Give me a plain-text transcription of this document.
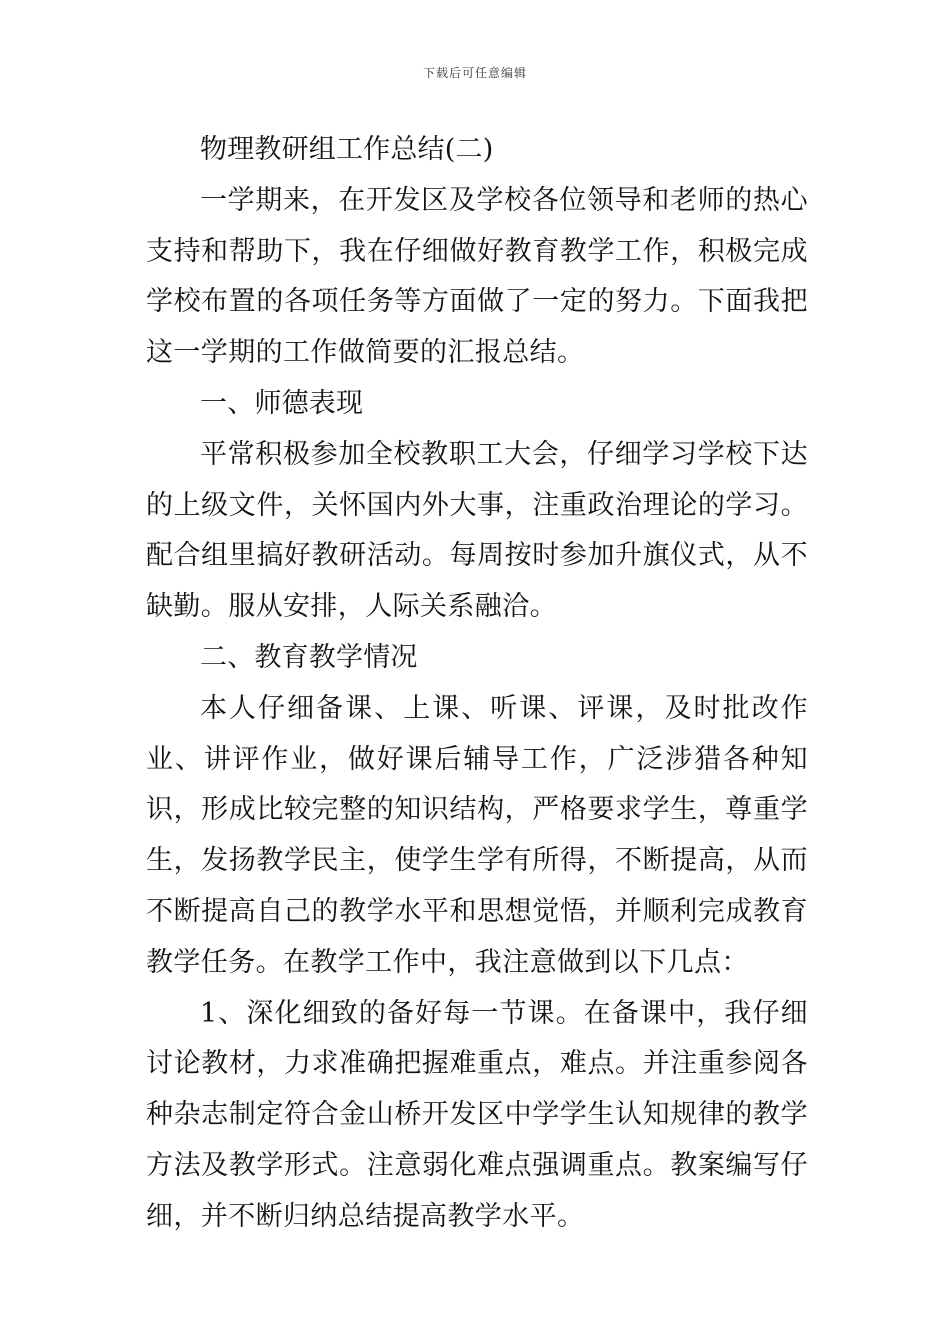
下载后可任意编辑

物理教研组工作总结(二)

一学期来，在开发区及学校各位领导和老师的热心支持和帮助下，我在仔细做好教育教学工作，积极完成学校布置的各项任务等方面做了一定的努力。下面我把这一学期的工作做简要的汇报总结。

一、师德表现

平常积极参加全校教职工大会，仔细学习学校下达的上级文件，关怀国内外大事，注重政治理论的学习。配合组里搞好教研活动。每周按时参加升旗仪式，从不缺勤。服从安排，人际关系融洽。

二、教育教学情况

本人仔细备课、上课、听课、评课，及时批改作业、讲评作业，做好课后辅导工作，广泛涉猎各种知识，形成比较完整的知识结构，严格要求学生，尊重学生，发扬教学民主，使学生学有所得，不断提高，从而不断提高自己的教学水平和思想觉悟，并顺利完成教育教学任务。在教学工作中，我注意做到以下几点：

1、深化细致的备好每一节课。在备课中，我仔细讨论教材，力求准确把握难重点，难点。并注重参阅各种杂志制定符合金山桥开发区中学学生认知规律的教学方法及教学形式。注意弱化难点强调重点。教案编写仔细，并不断归纳总结提高教学水平。
